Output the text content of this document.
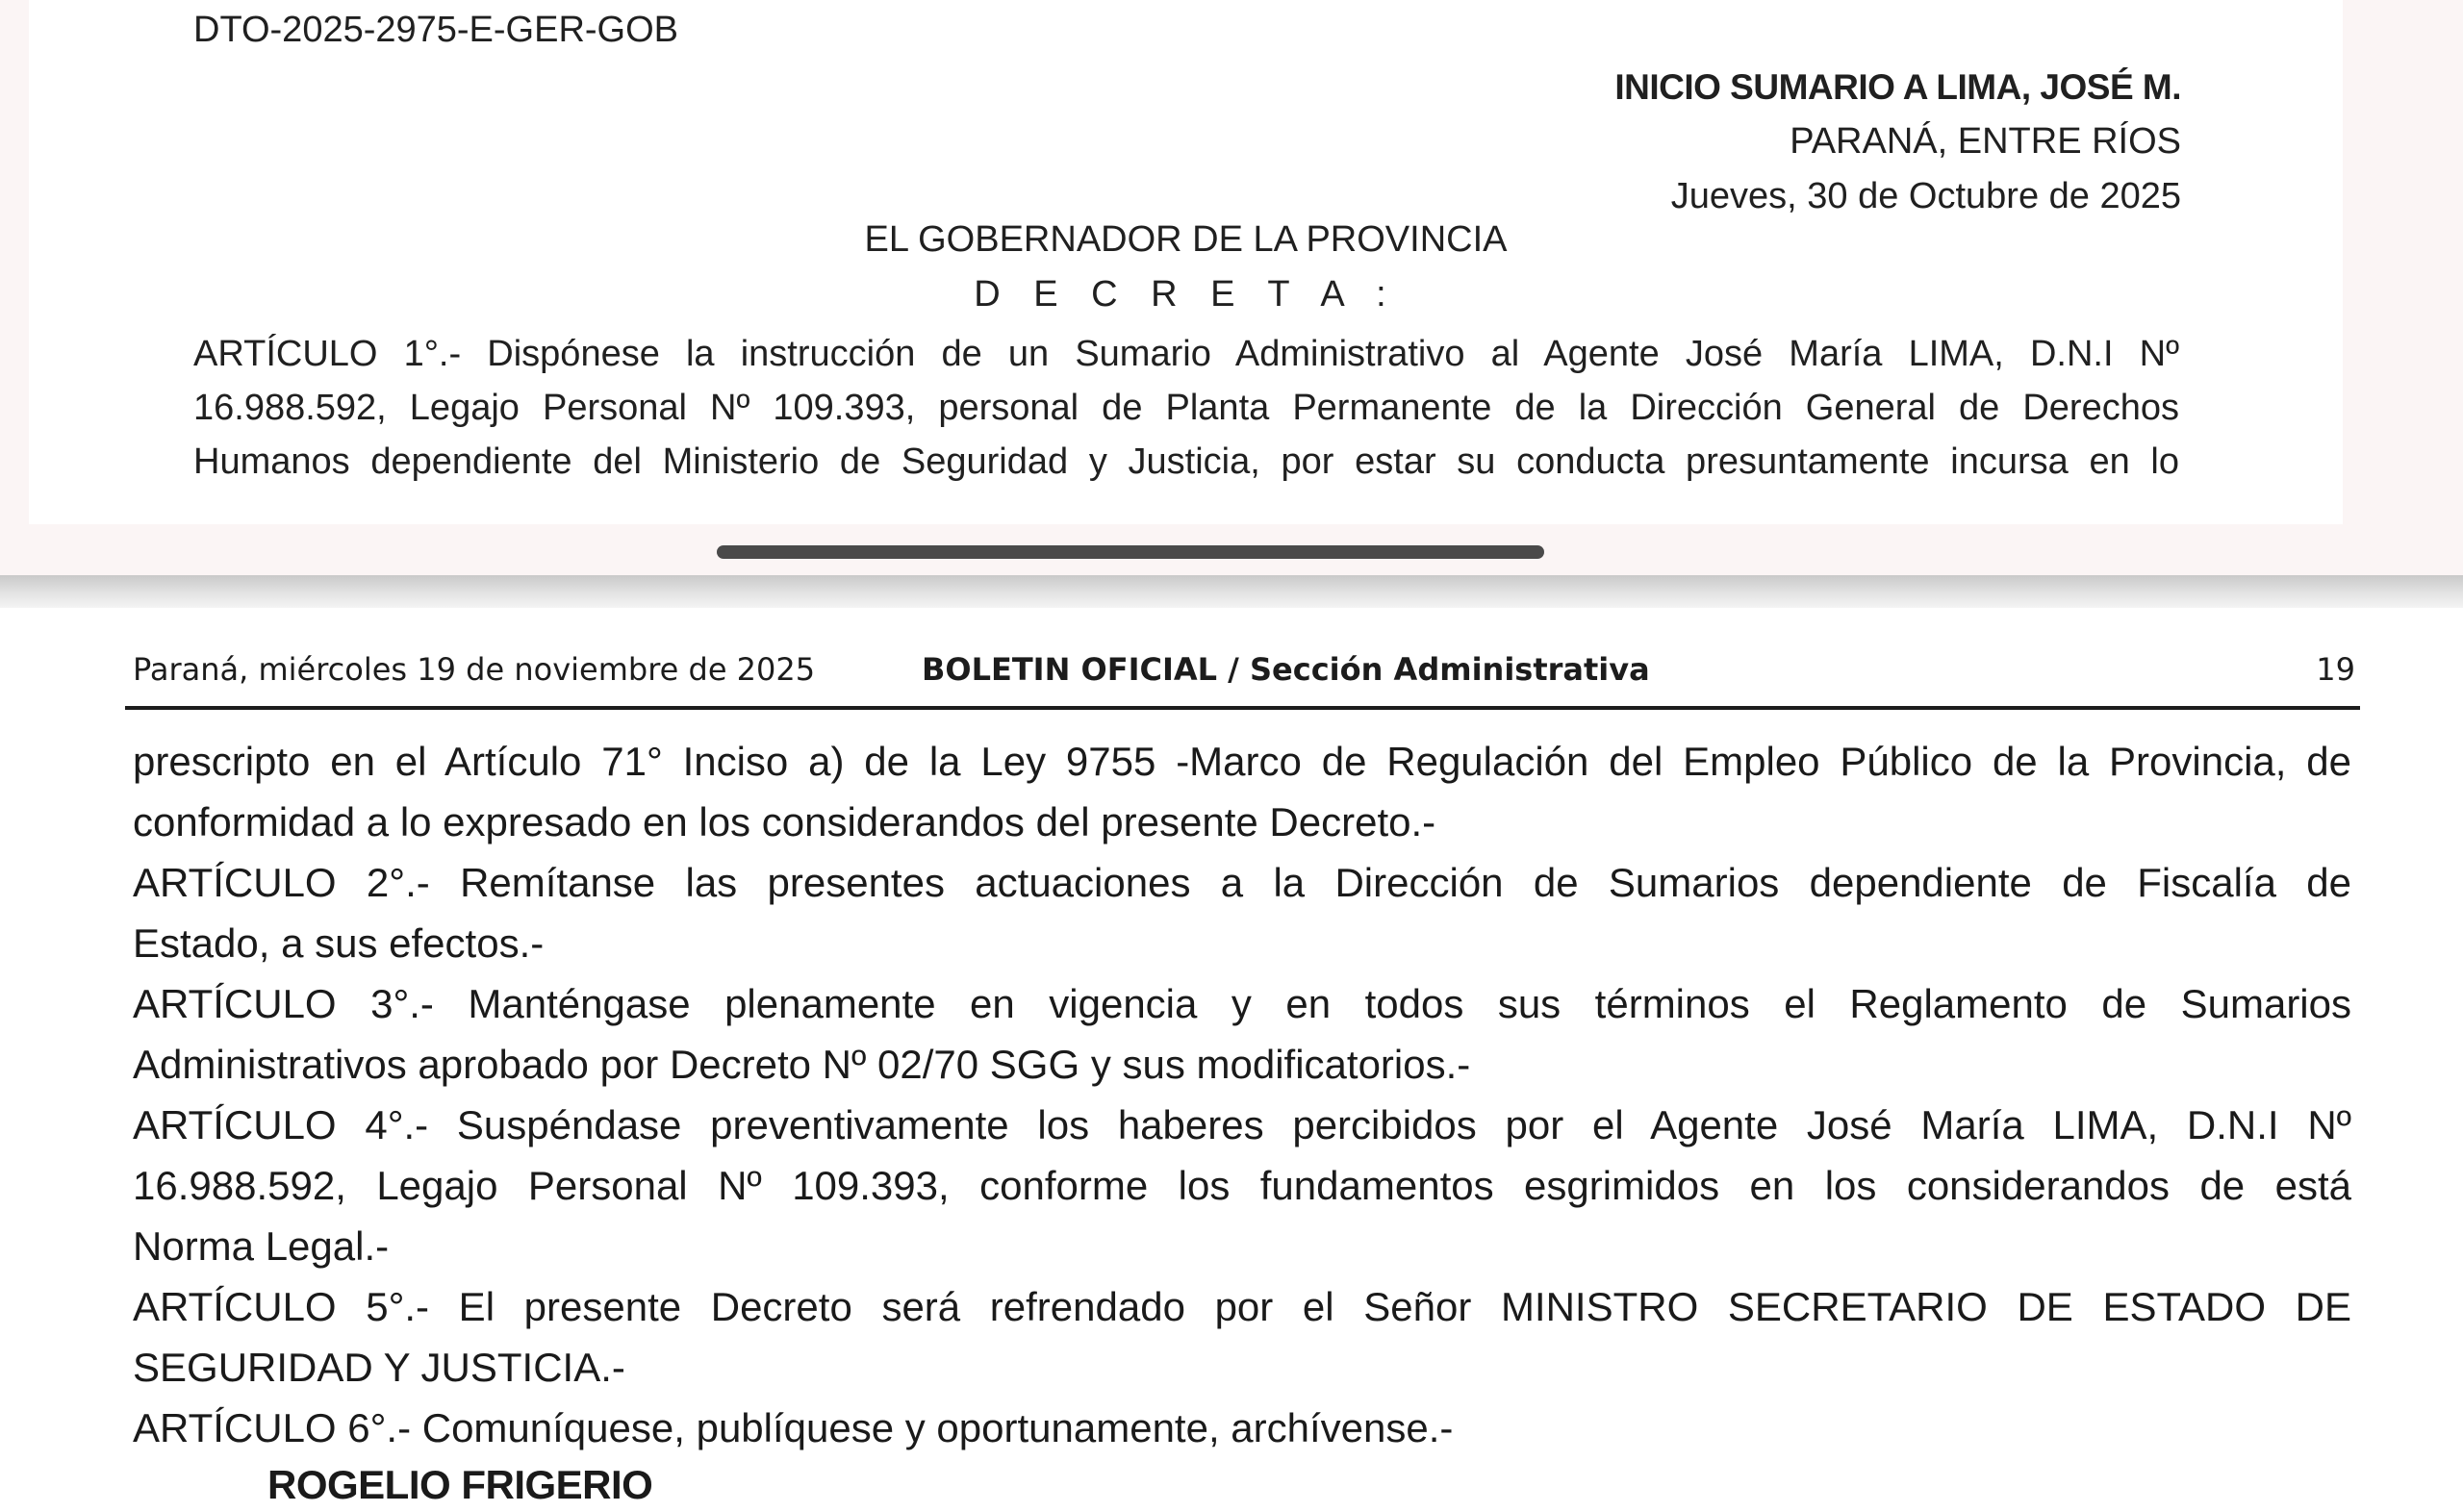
DTO-2025-2975-E-GER-GOB
INICIO SUMARIO A LIMA, JOSÉ M.
PARANÁ, ENTRE RÍOS
Jueves, 30 de Octubre de 2025
EL GOBERNADOR DE LA PROVINCIA
D E C R E T A :
ARTÍCULO 1°.- Dispónese la instrucción de un Sumario Administrativo al Agente José María LIMA, D.N.I Nº
16.988.592, Legajo Personal Nº 109.393, personal de Planta Permanente de la Dirección General de Derechos
Humanos dependiente del Ministerio de Seguridad y Justicia, por estar su conducta presuntamente incursa en lo
Paraná, miércoles 19 de noviembre de 2025	BOLETIN OFICIAL / Sección Administrativa	19
prescripto en el Artículo 71° Inciso a) de la Ley 9755 -Marco de Regulación del Empleo Público de la Provincia, de
conformidad a lo expresado en los considerandos del presente Decreto.-
ARTÍCULO 2°.- Remítanse las presentes actuaciones a la Dirección de Sumarios dependiente de Fiscalía de
Estado, a sus efectos.-
ARTÍCULO 3°.- Manténgase plenamente en vigencia y en todos sus términos el Reglamento de Sumarios
Administrativos aprobado por Decreto Nº 02/70 SGG y sus modificatorios.-
ARTÍCULO 4°.- Suspéndase preventivamente los haberes percibidos por el Agente José María LIMA, D.N.I Nº
16.988.592, Legajo Personal Nº 109.393, conforme los fundamentos esgrimidos en los considerandos de está
Norma Legal.-
ARTÍCULO 5°.- El presente Decreto será refrendado por el Señor MINISTRO SECRETARIO DE ESTADO DE
SEGURIDAD Y JUSTICIA.-
ARTÍCULO 6°.- Comuníquese, publíquese y oportunamente, archívense.-
ROGELIO FRIGERIO
